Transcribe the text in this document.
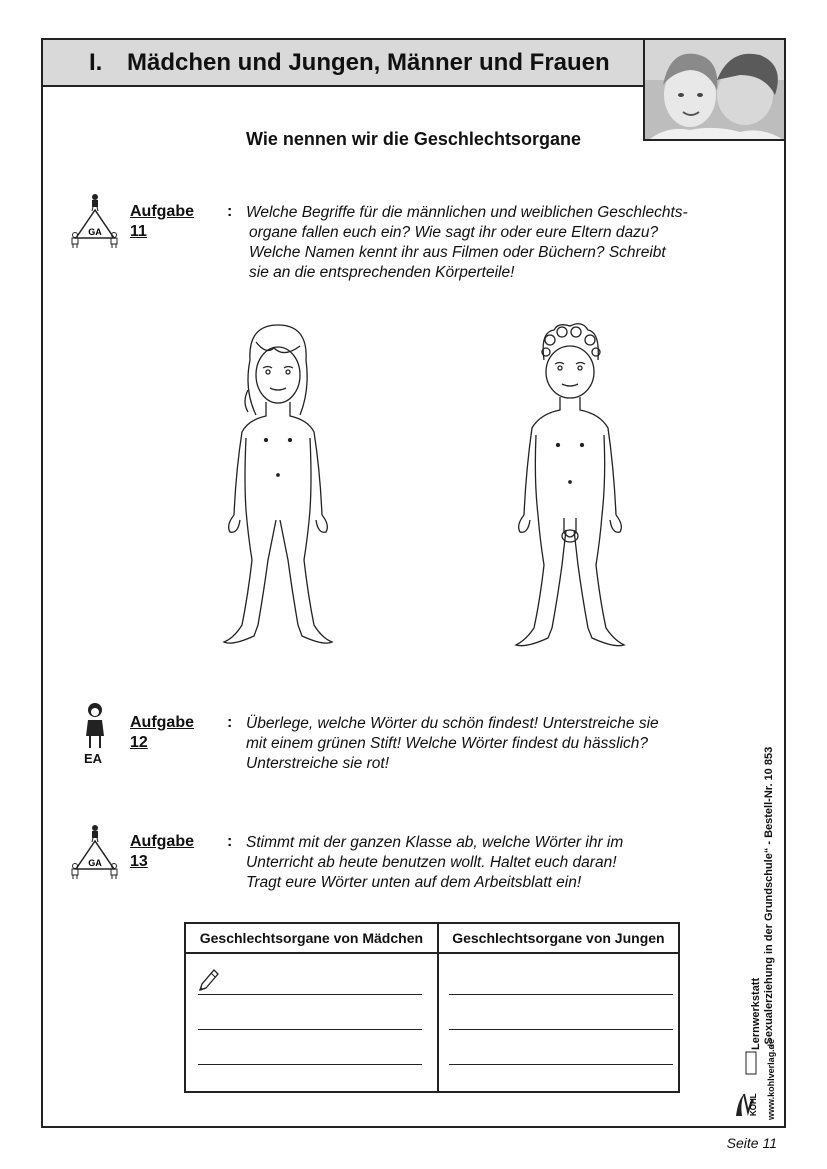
I.	Mädchen und Jungen, Männer und Frauen
Wie nennen wir die Geschlechtsorgane
GA
Aufgabe 11
: Welche Begriffe für die männlichen und weiblichen Geschlechts-
organe fallen euch ein? Wie sagt ihr oder eure Eltern dazu?
Welche Namen kennt ihr aus Filmen oder Büchern? Schreibt
sie an die entsprechenden Körperteile!
EA
Aufgabe 12
: Überlege, welche Wörter du schön findest! Unterstreiche sie
mit einem grünen Stift! Welche Wörter findest du hässlich?
Unterstreiche sie rot!
GA
Aufgabe 13
: Stimmt mit der ganzen Klasse ab, welche Wörter ihr im
Unterricht ab heute benutzen wollt. Haltet euch daran!
Tragt eure Wörter unten auf dem Arbeitsblatt ein!
Geschlechtsorgane von Mädchen	Geschlechtsorgane von Jungen

Lernwerkstatt „Sexualerziehung in der Grundschule“ - Bestell-Nr. 10 853
www.kohlverlag.de
KOHL
Seite 11
